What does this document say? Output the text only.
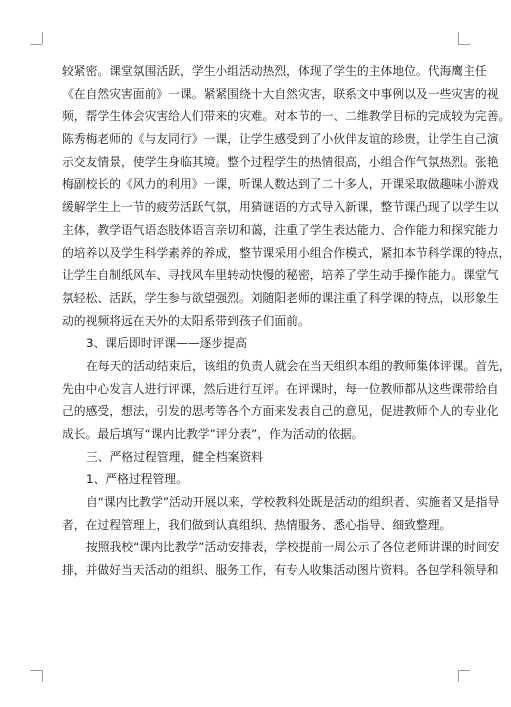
较紧密。课堂氛围活跃，学生小组活动热烈，体现了学生的主体地位。代海鹰主任
《在自然灾害面前》一课。紧紧围绕十大自然灾害，联系文中事例以及一些灾害的视
频，帮学生体会灾害给人们带来的灾难。对本节的一、二维教学目标的完成较为完善。
陈秀梅老师的《与友同行》一课，让学生感受到了小伙伴友谊的珍贵，让学生自己演
示交友情景，使学生身临其境。整个过程学生的热情很高，小组合作气氛热烈。张艳
梅副校长的《风力的利用》一课，听课人数达到了二十多人，开课采取做趣味小游戏
缓解学生上一节的疲劳活跃气氛，用猜谜语的方式导入新课，整节课凸现了以学生以
主体，教学语气语态肢体语言亲切和蔼，注重了学生表达能力、合作能力和探究能力
的培养以及学生科学素养的养成，整节课采用小组合作模式，紧扣本节科学课的特点，
让学生自制纸风车、寻找风车里转动快慢的秘密，培养了学生动手操作能力。课堂气
氛轻松、活跃，学生参与欲望强烈。刘随阳老师的课注重了科学课的特点，以形象生
动的视频将远在天外的太阳系带到孩子们面前。
3、课后即时评课——逐步提高
在每天的活动结束后，该组的负责人就会在当天组织本组的教师集体评课。首先，
先由中心发言人进行评课，然后进行互评。在评课时，每一位教师都从这些课带给自
己的感受，想法，引发的思考等各个方面来发表自己的意见，促进教师个人的专业化
成长。最后填写“课内比教学”评分表”，作为活动的依据。
三、严格过程管理，健全档案资料
1、严格过程管理。
自“课内比教学”活动开展以来，学校教科处既是活动的组织者、实施者又是指导
者，在过程管理上，我们做到认真组织、热情服务、悉心指导、细致整理。
按照我校“课内比教学”活动安排表，学校提前一周公示了各位老师讲课的时间安
排，并做好当天活动的组织、服务工作，有专人收集活动图片资料。各包学科领导和
